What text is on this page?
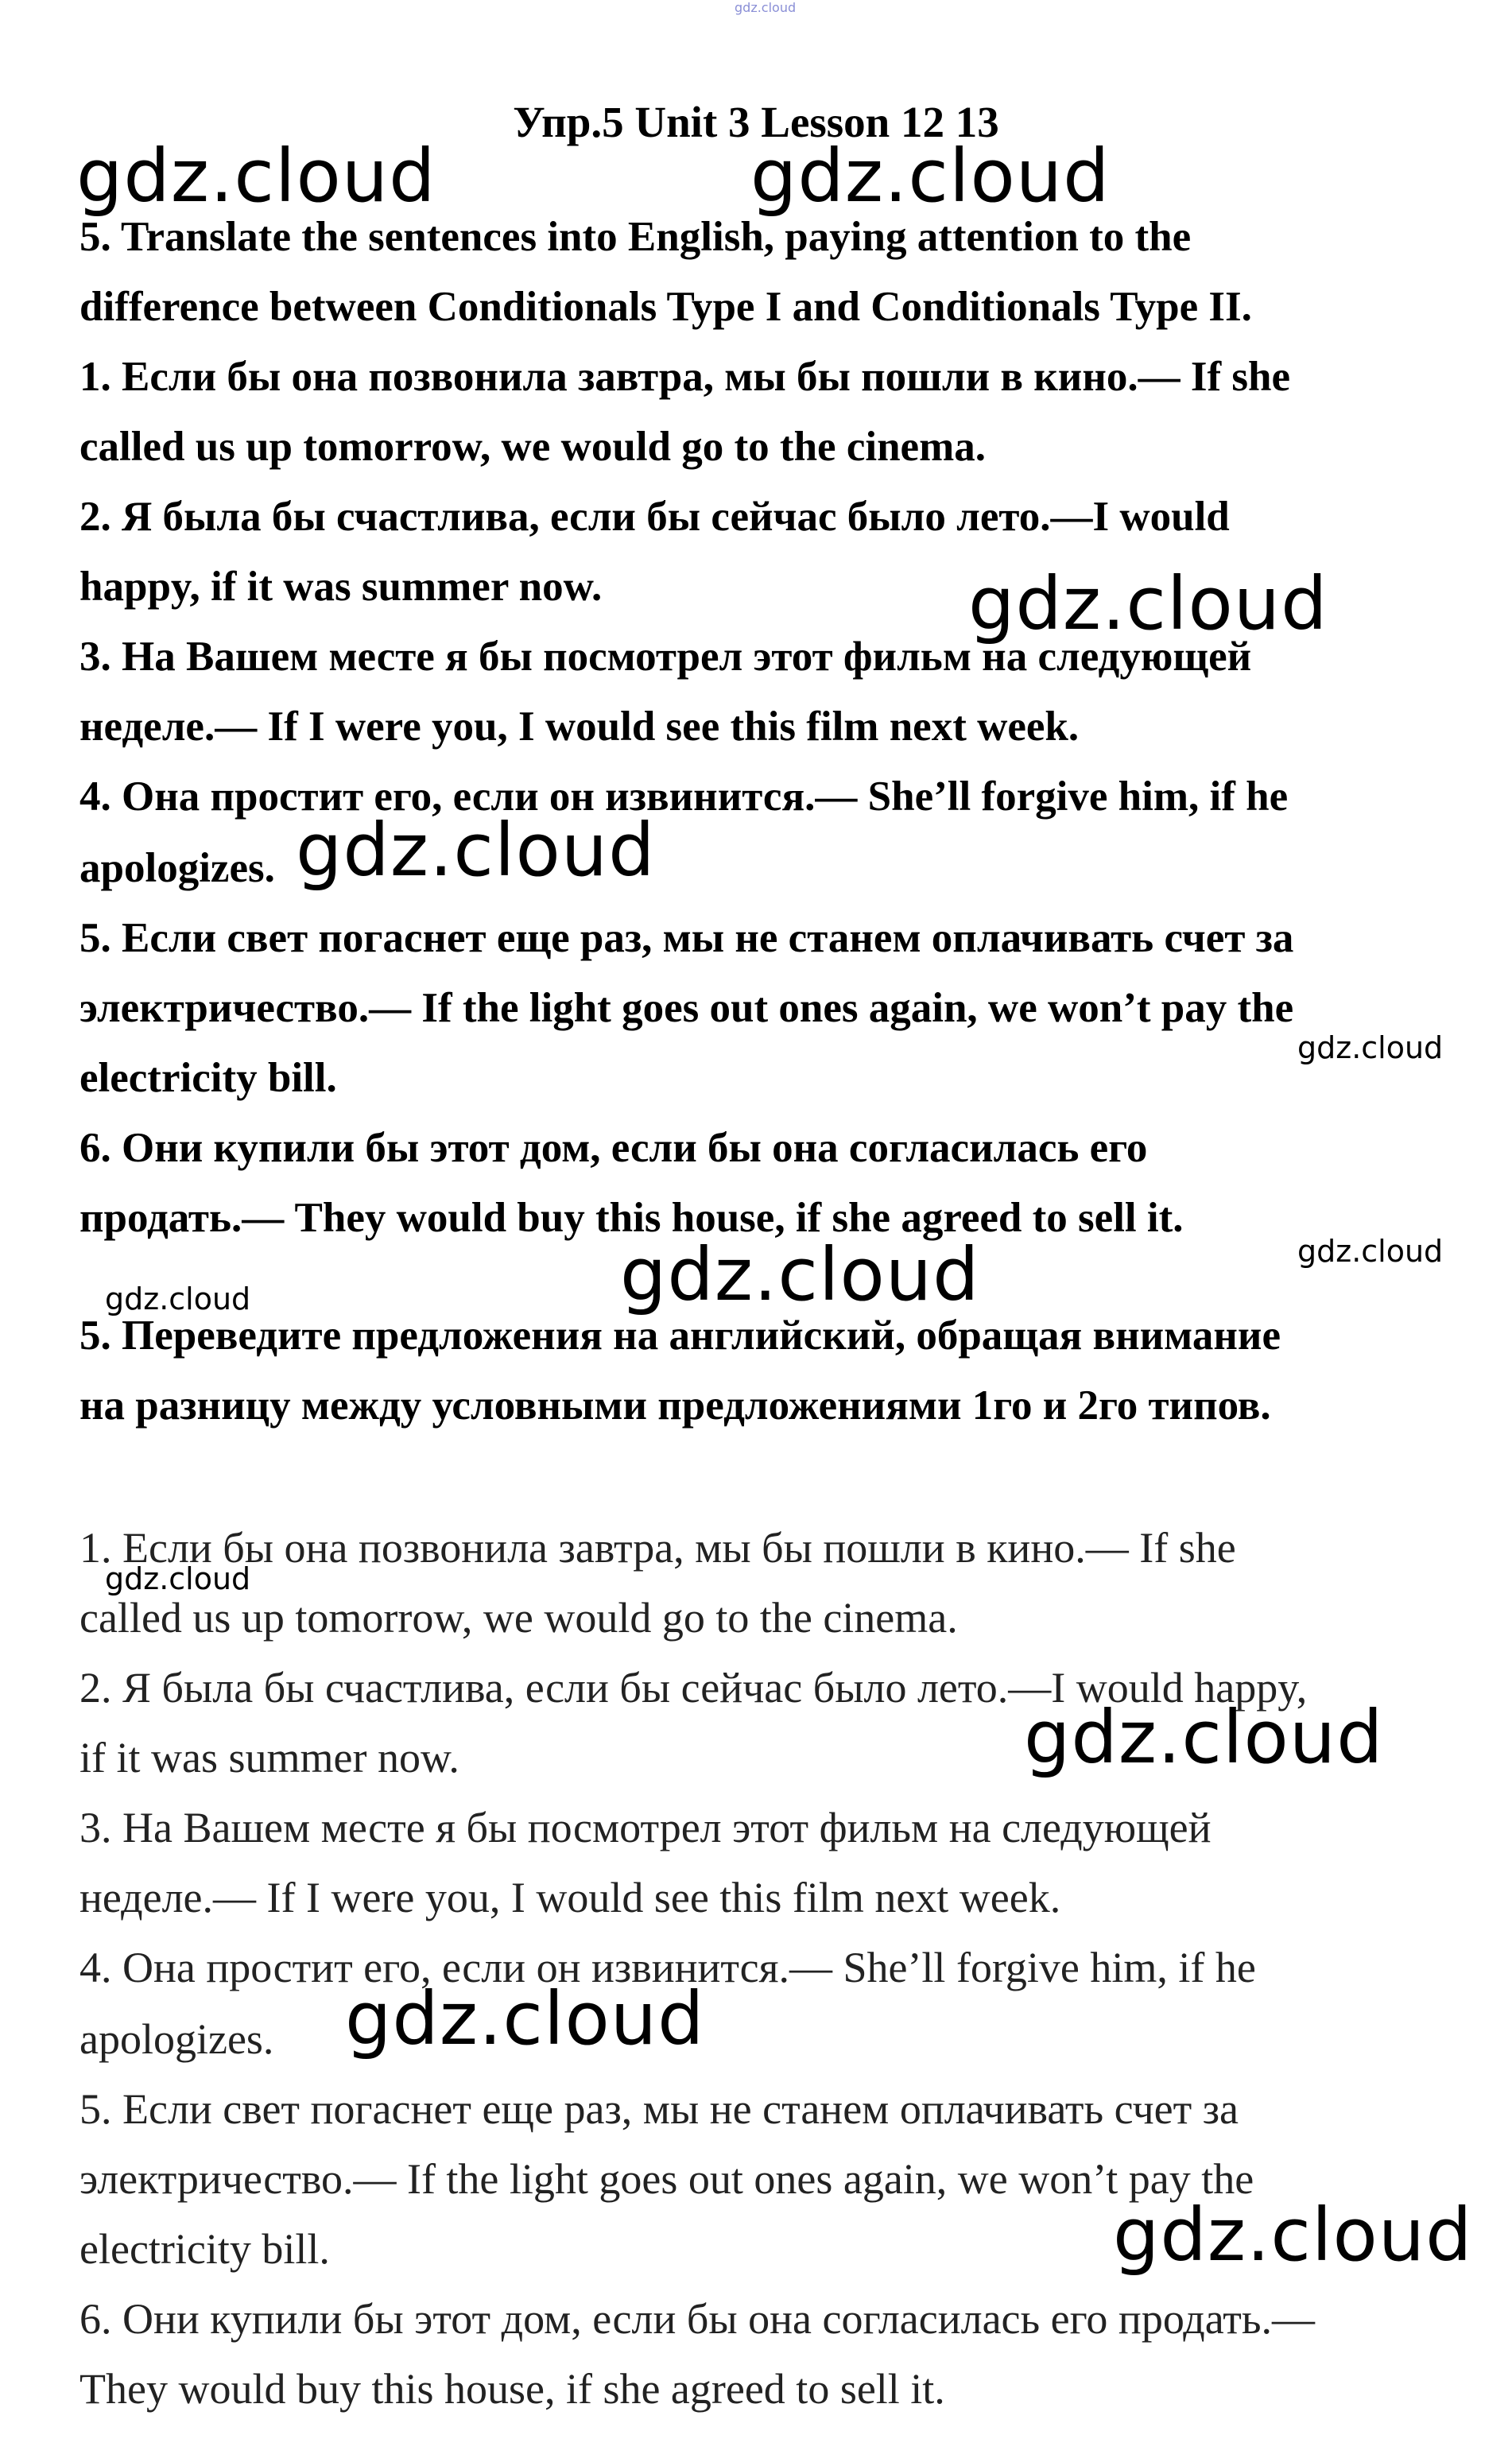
gdz.cloud
Упр.5 Unit 3 Lesson 12 13
5. Translate the sentences into English, paying attention to the
difference between Conditionals Type I and Conditionals Type II.
1. Если бы она позвонила завтра, мы бы пошли в кино.— If she
called us up tomorrow, we would go to the cinema.
2. Я была бы счастлива, если бы сейчас было лето.—I would
happy, if it was summer now.
3. На Вашем месте я бы посмотрел этот фильм на следующей
неделе.— If I were you, I would see this film next week.
4. Она простит его, если он извинится.— She’ll forgive him, if he
apologizes.
5. Если свет погаснет еще раз, мы не станем оплачивать счет за
электричество.— If the light goes out ones again, we won’t pay the
electricity bill.
6. Они купили бы этот дом, если бы она согласилась его
продать.— They would buy this house, if she agreed to sell it.
5. Переведите предложения на английский, обращая внимание
на разницу между условными предложениями 1го и 2го типов.
1. Если бы она позвонила завтра, мы бы пошли в кино.— If she
called us up tomorrow, we would go to the cinema.
2. Я была бы счастлива, если бы сейчас было лето.—I would happy,
if it was summer now.
3. На Вашем месте я бы посмотрел этот фильм на следующей
неделе.— If I were you, I would see this film next week.
4. Она простит его, если он извинится.— She’ll forgive him, if he
apologizes.
5. Если свет погаснет еще раз, мы не станем оплачивать счет за
электричество.— If the light goes out ones again, we won’t pay the
electricity bill.
6. Они купили бы этот дом, если бы она согласилась его продать.—
They would buy this house, if she agreed to sell it.
gdz.cloud	gdz.cloud
gdz.cloud
gdz.cloud
gdz.cloud
gdz.cloud
gdz.cloud	gdz.cloud
gdz.cloud
gdz.cloud
gdz.cloud
gdz.cloud
